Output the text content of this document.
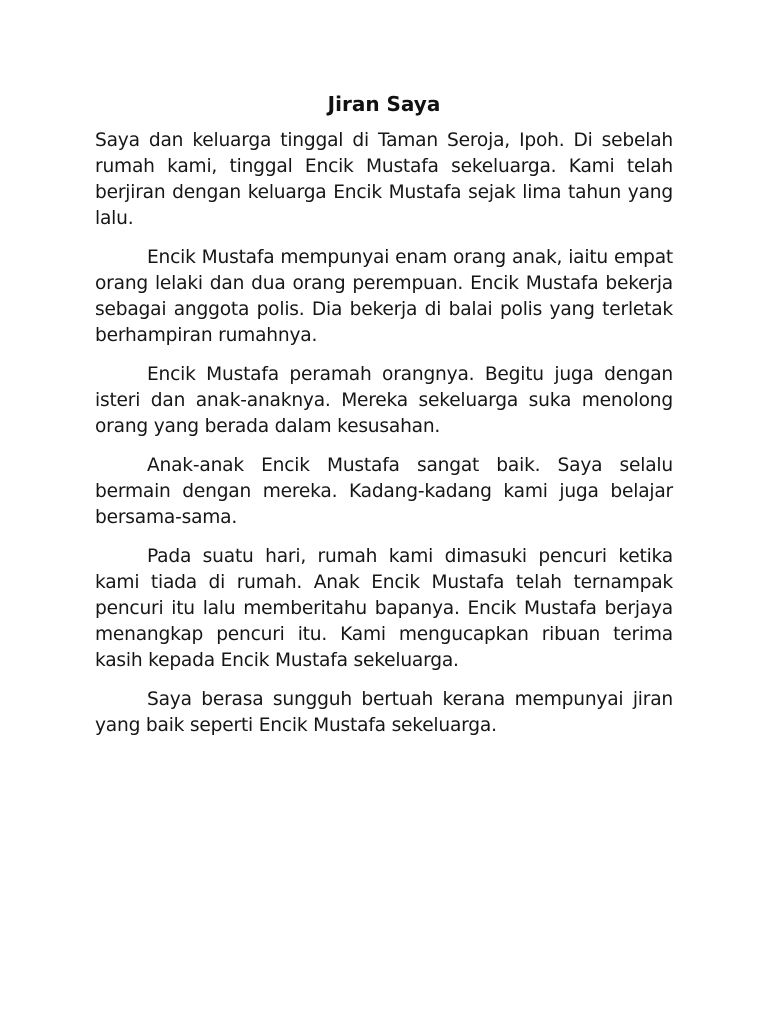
Jiran Saya

Saya dan keluarga tinggal di Taman Seroja, Ipoh. Di sebelah rumah kami, tinggal Encik Mustafa sekeluarga. Kami telah berjiran dengan keluarga Encik Mustafa sejak lima tahun yang lalu.

Encik Mustafa mempunyai enam orang anak, iaitu empat orang lelaki dan dua orang perempuan. Encik Mustafa bekerja sebagai anggota polis. Dia bekerja di balai polis yang terletak berhampiran rumahnya.

Encik Mustafa peramah orangnya. Begitu juga dengan isteri dan anak-anaknya. Mereka sekeluarga suka menolong orang yang berada dalam kesusahan.

Anak-anak Encik Mustafa sangat baik. Saya selalu bermain dengan mereka. Kadang-kadang kami juga belajar bersama-sama.

Pada suatu hari, rumah kami dimasuki pencuri ketika kami tiada di rumah. Anak Encik Mustafa telah ternampak pencuri itu lalu memberitahu bapanya. Encik Mustafa berjaya menangkap pencuri itu. Kami mengucapkan ribuan terima kasih kepada Encik Mustafa sekeluarga.

Saya berasa sungguh bertuah kerana mempunyai jiran yang baik seperti Encik Mustafa sekeluarga.
